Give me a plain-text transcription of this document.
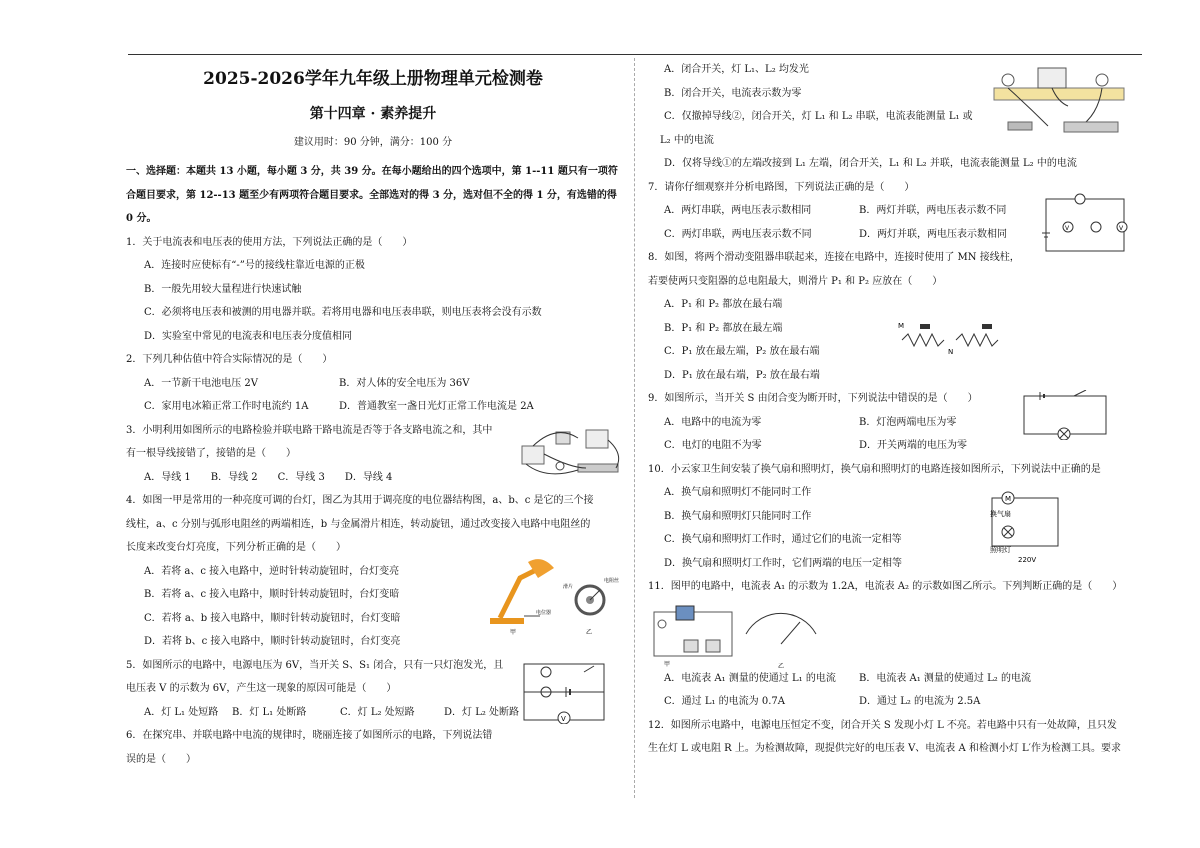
2025-2026学年九年级上册物理单元检测卷
第十四章 · 素养提升
建议用时：90 分钟，满分：100 分
一、选择题：本题共 13 小题，每小题 3 分，共 39 分。在每小题给出的四个选项中，第 1--11 题只有一项符合题目要求，第 12--13 题至少有两项符合题目要求。全部选对的得 3 分，选对但不全的得 1 分，有选错的得 0 分。
1．关于电流表和电压表的使用方法，下列说法正确的是（　　）
A．连接时应使标有“-”号的接线柱靠近电源的正极
B．一般先用较大量程进行快速试触
C．必须将电压表和被测的用电器并联。若将用电器和电压表串联，则电压表将会没有示数
D．实验室中常见的电流表和电压表分度值相同
2．下列几种估值中符合实际情况的是（　　）
A．一节新干电池电压 2V	B．对人体的安全电压为 36V
C．家用电冰箱正常工作时电流约 1A	D．普通教室一盏日光灯正常工作电流是 2A
3．小明利用如图所示的电路检验并联电路干路电流是否等于各支路电流之和，其中
有一根导线接错了，接错的是（　　）
A．导线 1　　B．导线 2　　C．导线 3　　D．导线 4
4．如图一甲是常用的一种亮度可调的台灯，图乙为其用于调亮度的电位器结构图，a、b、c 是它的三个接
线柱，a、c 分别与弧形电阻丝的两端相连，b 与金属滑片相连，转动旋钮，通过改变接入电路中电阻丝的
长度来改变台灯亮度，下列分析正确的是（　　）
A．若将 a、c 接入电路中，逆时针转动旋钮时，台灯变亮
B．若将 a、c 接入电路中，顺时针转动旋钮时，台灯变暗
C．若将 a、b 接入电路中，顺时针转动旋钮时，台灯变暗
D．若将 b、c 接入电路中，顺时针转动旋钮时，台灯变亮
5．如图所示的电路中，电源电压为 6V，当开关 S、S₁ 闭合，只有一只灯泡发光，且
电压表 V 的示数为 6V，产生这一现象的原因可能是（　　）
A．灯 L₁ 处短路	B．灯 L₁ 处断路	C．灯 L₂ 处短路	D．灯 L₂ 处断路
6．在探究串、并联电路中电流的规律时，晓丽连接了如图所示的电路，下列说法错
误的是（　　）
A．闭合开关，灯 L₁、L₂ 均发光
B．闭合开关，电流表示数为零
C．仅撤掉导线②，闭合开关，灯 L₁ 和 L₂ 串联，电流表能测量 L₁ 或
L₂ 中的电流
D．仅将导线①的左端改接到 L₁ 左端，闭合开关，L₁ 和 L₂ 并联，电流表能测量 L₂ 中的电流
7．请你仔细观察并分析电路图，下列说法正确的是（　　）
A．两灯串联，两电压表示数相同	B．两灯并联，两电压表示数不同
C．两灯串联，两电压表示数不同	D．两灯并联，两电压表示数相同
8．如图，将两个滑动变阻器串联起来，连接在电路中，连接时使用了 MN 接线柱，
若要使两只变阻器的总电阻最大，则滑片 P₁ 和 P₂ 应放在（　　）
A．P₁ 和 P₂ 都放在最右端
B．P₁ 和 P₂ 都放在最左端
C．P₁ 放在最左端，P₂ 放在最右端
D．P₁ 放在最右端，P₂ 放在最右端
9．如图所示，当开关 S 由闭合变为断开时，下列说法中错误的是（　　）
A．电路中的电流为零	B．灯泡两端电压为零
C．电灯的电阻不为零	D．开关两端的电压为零
10．小云家卫生间安装了换气扇和照明灯，换气扇和照明灯的电路连接如图所示，下列说法中正确的是
A．换气扇和照明灯不能同时工作
B．换气扇和照明灯只能同时工作
C．换气扇和照明灯工作时，通过它们的电流一定相等
D．换气扇和照明灯工作时，它们两端的电压一定相等
11．图甲的电路中，电流表 A₁ 的示数为 1.2A，电流表 A₂ 的示数如图乙所示。下列判断正确的是（　　）
A．电流表 A₁ 测量的使通过 L₁ 的电流	B．电流表 A₁ 测量的使通过 L₂ 的电流
C．通过 L₁ 的电流为 0.7A	D．通过 L₂ 的电流为 2.5A
12．如图所示电路中，电源电压恒定不变，闭合开关 S 发现小灯 L 不亮。若电路中只有一处故障，且只发
生在灯 L 或电阻 R 上。为检测故障，现提供完好的电压表 V、电流表 A 和检测小灯 L′作为检测工具。要求
甲
电位器
滑片
电阻丝
乙
V
V	V
M
N
M
换气扇
照明灯
220V
甲	乙
